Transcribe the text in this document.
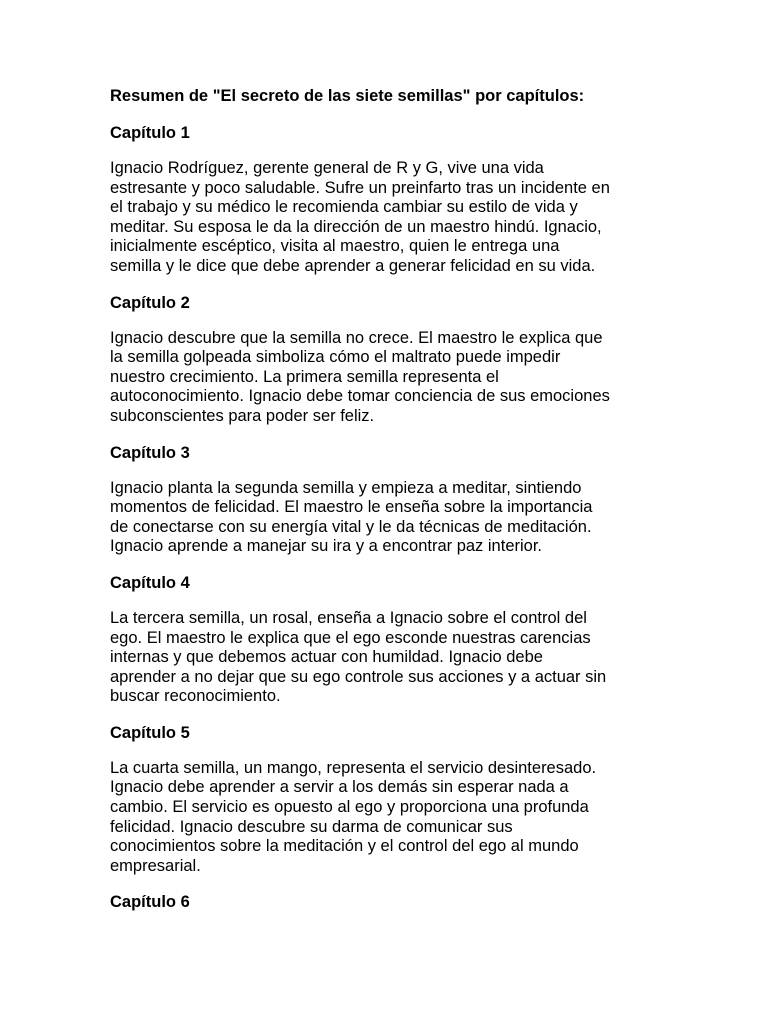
Resumen de "El secreto de las siete semillas" por capítulos:
Capítulo 1
Ignacio Rodríguez, gerente general de R y G, vive una vida
estresante y poco saludable. Sufre un preinfarto tras un incidente en
el trabajo y su médico le recomienda cambiar su estilo de vida y
meditar. Su esposa le da la dirección de un maestro hindú. Ignacio,
inicialmente escéptico, visita al maestro, quien le entrega una
semilla y le dice que debe aprender a generar felicidad en su vida.
Capítulo 2
Ignacio descubre que la semilla no crece. El maestro le explica que
la semilla golpeada simboliza cómo el maltrato puede impedir
nuestro crecimiento. La primera semilla representa el
autoconocimiento. Ignacio debe tomar conciencia de sus emociones
subconscientes para poder ser feliz.
Capítulo 3
Ignacio planta la segunda semilla y empieza a meditar, sintiendo
momentos de felicidad. El maestro le enseña sobre la importancia
de conectarse con su energía vital y le da técnicas de meditación.
Ignacio aprende a manejar su ira y a encontrar paz interior.
Capítulo 4
La tercera semilla, un rosal, enseña a Ignacio sobre el control del
ego. El maestro le explica que el ego esconde nuestras carencias
internas y que debemos actuar con humildad. Ignacio debe
aprender a no dejar que su ego controle sus acciones y a actuar sin
buscar reconocimiento.
Capítulo 5
La cuarta semilla, un mango, representa el servicio desinteresado.
Ignacio debe aprender a servir a los demás sin esperar nada a
cambio. El servicio es opuesto al ego y proporciona una profunda
felicidad. Ignacio descubre su darma de comunicar sus
conocimientos sobre la meditación y el control del ego al mundo
empresarial.
Capítulo 6
